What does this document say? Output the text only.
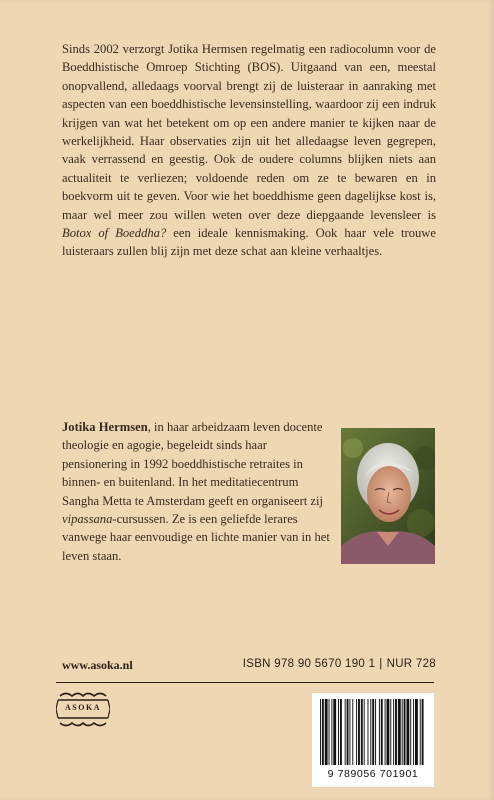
Sinds 2002 verzorgt Jotika Hermsen regelmatig een radiocolumn voor de Boeddhistische Omroep Stichting (BOS). Uitgaand van een, meestal onopvallend, alledaags voorval brengt zij de luisteraar in aanraking met aspecten van een boeddhistische levensinstelling, waardoor zij een indruk krijgen van wat het betekent om op een andere manier te kijken naar de werkelijkheid. Haar observaties zijn uit het alledaagse leven gegrepen, vaak verrassend en geestig. Ook de oudere columns blijken niets aan actualiteit te verliezen; voldoende reden om ze te bewaren en in boekvorm uit te geven. Voor wie het boeddhisme geen dagelijkse kost is, maar wel meer zou willen weten over deze diepgaande levensleer is Botox of Boeddha? een ideale kennismaking. Ook haar vele trouwe luisteraars zullen blij zijn met deze schat aan kleine verhaaltjes.

Jotika Hermsen, in haar arbeidzaam leven docente theologie en agogie, begeleidt sinds haar pensionering in 1992 boeddhistische retraites in binnen- en buitenland. In het meditatiecentrum Sangha Metta te Amsterdam geeft en organiseert zij vipassana-cursussen. Ze is een geliefde lerares vanwege haar eenvoudige en lichte manier van in het leven staan.

www.asoka.nl	ISBN 978 90 5670 190 1 | NUR 728
ASOKA
9 789056 701901
